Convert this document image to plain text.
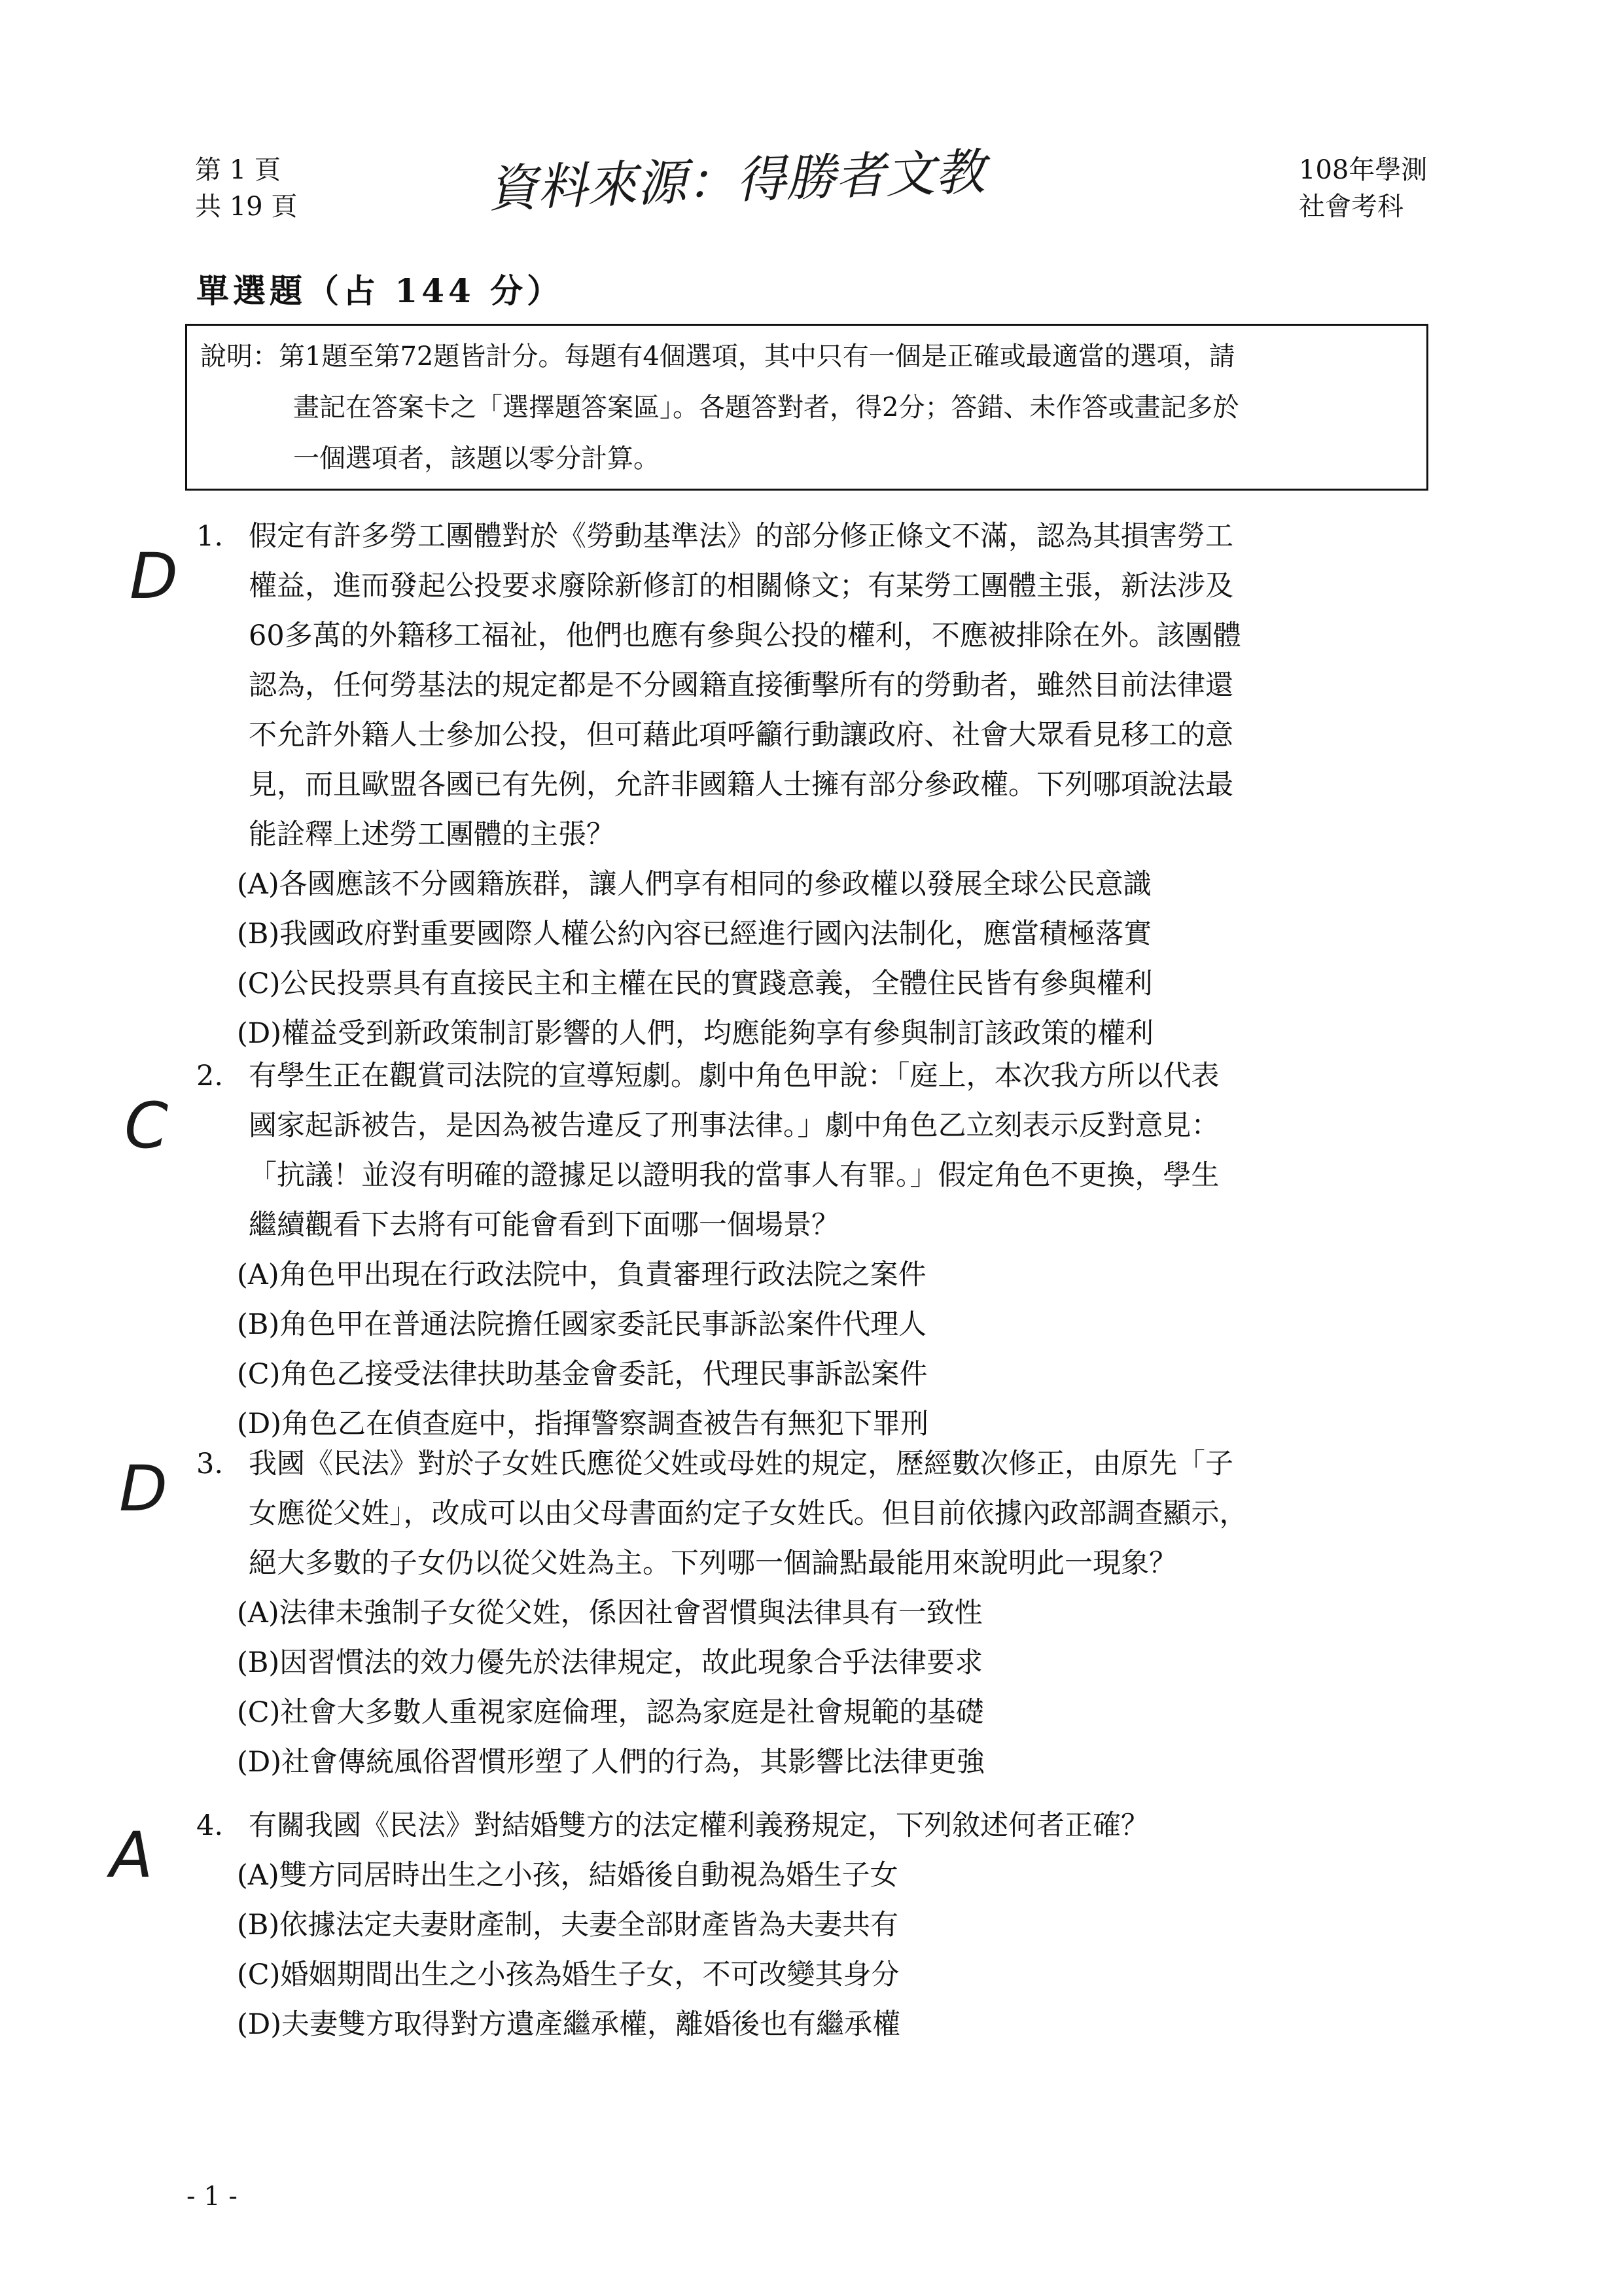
第 1 頁
共 19 頁	資料來源：得勝者文教	108年學測
社會考科
單選題（占 144 分）
說明：第1題至第72題皆計分。每題有4個選項，其中只有一個是正確或最適當的選項，請
畫記在答案卡之「選擇題答案區」。各題答對者，得2分；答錯、未作答或畫記多於
一個選項者，該題以零分計算。
D
1. 假定有許多勞工團體對於《勞動基準法》的部分修正條文不滿，認為其損害勞工
權益，進而發起公投要求廢除新修訂的相關條文；有某勞工團體主張，新法涉及
60多萬的外籍移工福祉，他們也應有參與公投的權利，不應被排除在外。該團體
認為，任何勞基法的規定都是不分國籍直接衝擊所有的勞動者，雖然目前法律還
不允許外籍人士參加公投，但可藉此項呼籲行動讓政府、社會大眾看見移工的意
見，而且歐盟各國已有先例，允許非國籍人士擁有部分參政權。下列哪項說法最
能詮釋上述勞工團體的主張？
(A)各國應該不分國籍族群，讓人們享有相同的參政權以發展全球公民意識
(B)我國政府對重要國際人權公約內容已經進行國內法制化，應當積極落實
(C)公民投票具有直接民主和主權在民的實踐意義，全體住民皆有參與權利
(D)權益受到新政策制訂影響的人們，均應能夠享有參與制訂該政策的權利
C
2. 有學生正在觀賞司法院的宣導短劇。劇中角色甲說：「庭上，本次我方所以代表
國家起訴被告，是因為被告違反了刑事法律。」劇中角色乙立刻表示反對意見：
「抗議！並沒有明確的證據足以證明我的當事人有罪。」假定角色不更換，學生
繼續觀看下去將有可能會看到下面哪一個場景？
(A)角色甲出現在行政法院中，負責審理行政法院之案件
(B)角色甲在普通法院擔任國家委託民事訴訟案件代理人
(C)角色乙接受法律扶助基金會委託，代理民事訴訟案件
(D)角色乙在偵查庭中，指揮警察調查被告有無犯下罪刑
D 3. 我國《民法》對於子女姓氏應從父姓或母姓的規定，歷經數次修正，由原先「子
女應從父姓」，改成可以由父母書面約定子女姓氏。但目前依據內政部調查顯示，
絕大多數的子女仍以從父姓為主。下列哪一個論點最能用來說明此一現象？
(A)法律未強制子女從父姓，係因社會習慣與法律具有一致性
(B)因習慣法的效力優先於法律規定，故此現象合乎法律要求
(C)社會大多數人重視家庭倫理，認為家庭是社會規範的基礎
(D)社會傳統風俗習慣形塑了人們的行為，其影響比法律更強
A 4. 有關我國《民法》對結婚雙方的法定權利義務規定，下列敘述何者正確？
(A)雙方同居時出生之小孩，結婚後自動視為婚生子女
(B)依據法定夫妻財產制，夫妻全部財產皆為夫妻共有
(C)婚姻期間出生之小孩為婚生子女，不可改變其身分
(D)夫妻雙方取得對方遺產繼承權，離婚後也有繼承權
- 1 -
